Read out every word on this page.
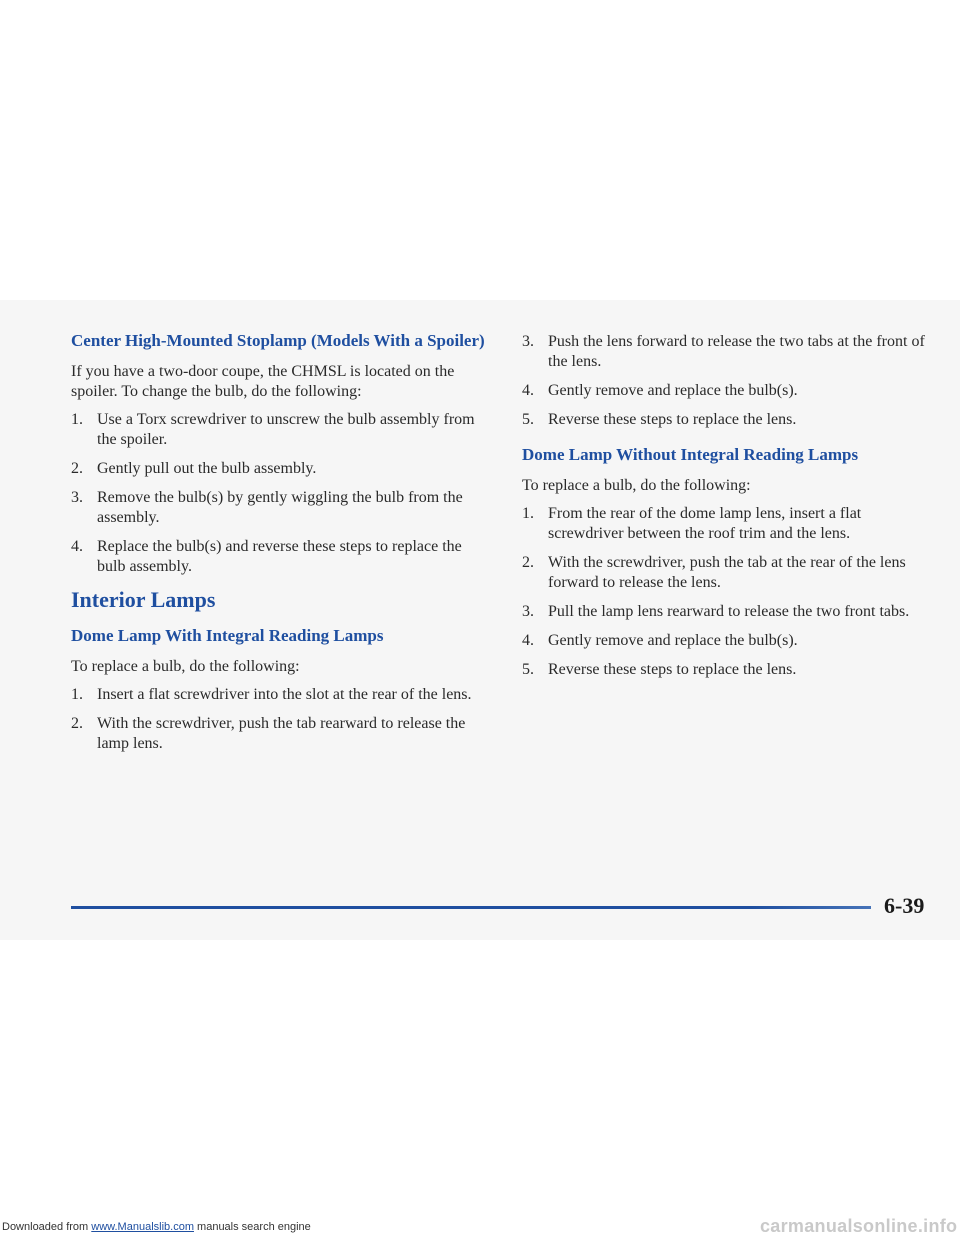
Center High-Mounted Stoplamp (Models With a Spoiler)
If you have a two-door coupe, the CHMSL is located on the spoiler. To change the bulb, do the following:
1. Use a Torx screwdriver to unscrew the bulb assembly from the spoiler.
2. Gently pull out the bulb assembly.
3. Remove the bulb(s) by gently wiggling the bulb from the assembly.
4. Replace the bulb(s) and reverse these steps to replace the bulb assembly.
Interior Lamps
Dome Lamp With Integral Reading Lamps
To replace a bulb, do the following:
1. Insert a flat screwdriver into the slot at the rear of the lens.
2. With the screwdriver, push the tab rearward to release the lamp lens.
3. Push the lens forward to release the two tabs at the front of the lens.
4. Gently remove and replace the bulb(s).
5. Reverse these steps to replace the lens.
Dome Lamp Without Integral Reading Lamps
To replace a bulb, do the following:
1. From the rear of the dome lamp lens, insert a flat screwdriver between the roof trim and the lens.
2. With the screwdriver, push the tab at the rear of the lens forward to release the lens.
3. Pull the lamp lens rearward to release the two front tabs.
4. Gently remove and replace the bulb(s).
5. Reverse these steps to replace the lens.
6-39
Downloaded from www.Manualslib.com manuals search engine	carmanualsonline.info
